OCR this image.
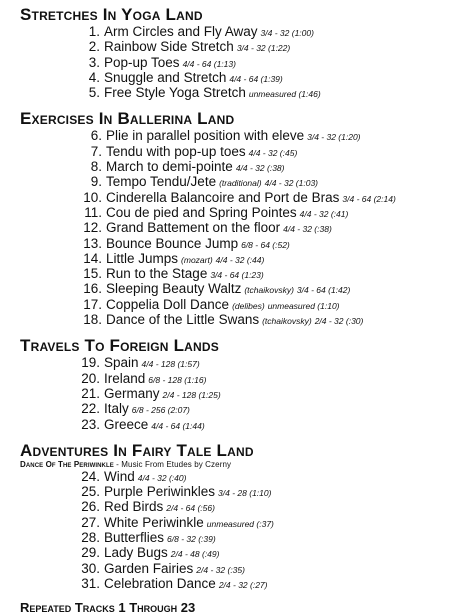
Stretches In Yoga Land
1. Arm Circles and Fly Away 3/4 - 32 (1:00)
2. Rainbow Side Stretch 3/4 - 32 (1:22)
3. Pop-up Toes 4/4 - 64 (1:13)
4. Snuggle and Stretch 4/4 - 64 (1:39)
5. Free Style Yoga Stretch unmeasured (1:46)
Exercises In Ballerina Land
6. Plie in parallel position with eleve 3/4 - 32 (1:20)
7. Tendu with pop-up toes 4/4 - 32 (:45)
8. March to demi-pointe 4/4 - 32 (:38)
9. Tempo Tendu/Jete (traditional) 4/4 - 32 (1:03)
10. Cinderella Balancoire and Port de Bras 3/4 - 64 (2:14)
11. Cou de pied and Spring Pointes 4/4 - 32 (:41)
12. Grand Battement on the floor 4/4 - 32 (:38)
13. Bounce Bounce Jump 6/8 - 64 (:52)
14. Little Jumps (mozart) 4/4 - 32 (:44)
15. Run to the Stage 3/4 - 64 (1:23)
16. Sleeping Beauty Waltz (tchaikovsky) 3/4 - 64 (1:42)
17. Coppelia Doll Dance (delibes) unmeasured (1:10)
18. Dance of the Little Swans (tchaikovsky) 2/4 - 32 (:30)
Travels To Foreign Lands
19. Spain 4/4 - 128 (1:57)
20. Ireland 6/8 - 128 (1:16)
21. Germany 2/4 - 128 (1:25)
22. Italy 6/8 - 256 (2:07)
23. Greece 4/4 - 64 (1:44)
Adventures In Fairy Tale Land
Dance Of The Periwinkle - Music From Etudes by Czerny
24. Wind 4/4 - 32 (:40)
25. Purple Periwinkles 3/4 - 28 (1:10)
26. Red Birds 2/4 - 64 (:56)
27. White Periwinkle unmeasured (:37)
28. Butterflies 6/8 - 32 (:39)
29. Lady Bugs 2/4 - 48 (:49)
30. Garden Fairies 2/4 - 32 (:35)
31. Celebration Dance 2/4 - 32 (:27)
Repeated Tracks 1 Through 23
